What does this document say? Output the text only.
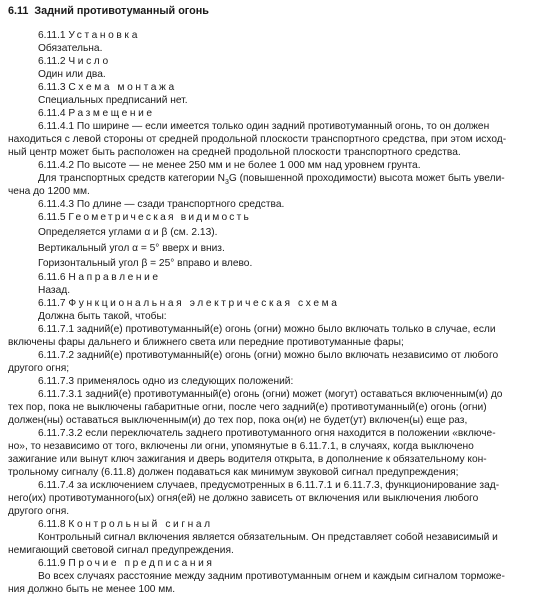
6.11 Задний противотуманный огонь
6.11.1 Установка
Обязательна.
6.11.2 Число
Один или два.
6.11.3 Схема монтажа
Специальных предписаний нет.
6.11.4 Размещение
6.11.4.1 По ширине — если имеется только один задний противотуманный огонь, то он должен
находиться с левой стороны от средней продольной плоскости транспортного средства, при этом исход-
ный центр может быть расположен на средней продольной плоскости транспортного средства.
6.11.4.2 По высоте — не менее 250 мм и не более 1 000 мм над уровнем грунта.
Для транспортных средств категории $N_3G$ (повышенной проходимости) высота может быть увели-
чена до 1200 мм.
6.11.4.3 По длине — сзади транспортного средства.
6.11.5 Геометрическая видимость
Определяется углами α и β (см. 2.13).
Вертикальный угол α = 5° вверх и вниз.
Горизонтальный угол β = 25° вправо и влево.
6.11.6 Направление
Назад.
6.11.7 Функциональная электрическая схема
Должна быть такой, чтобы:
6.11.7.1 задний(е) противотуманный(е) огонь (огни) можно было включать только в случае, если
включены фары дальнего и ближнего света или передние противотуманные фары;
6.11.7.2 задний(е) противотуманный(е) огонь (огни) можно было включать независимо от любого
другого огня;
6.11.7.3 применялось одно из следующих положений:
6.11.7.3.1 задний(е) противотуманный(е) огонь (огни) может (могут) оставаться включенным(и) до
тех пор, пока не выключены габаритные огни, после чего задний(е) противотуманный(е) огонь (огни)
должен(ны) оставаться выключенным(и) до тех пор, пока он(и) не будет(ут) включен(ы) еще раз,
6.11.7.3.2 если переключатель заднего противотуманного огня находится в положении «включе-
но», то независимо от того, включены ли огни, упомянутые в 6.11.7.1, в случаях, когда выключено
зажигание или вынут ключ зажигания и дверь водителя открыта, в дополнение к обязательному кон-
трольному сигналу (6.11.8) должен подаваться как минимум звуковой сигнал предупреждения;
6.11.7.4 за исключением случаев, предусмотренных в 6.11.7.1 и 6.11.7.3, функционирование зад-
него(их) противотуманного(ых) огня(ей) не должно зависеть от включения или выключения любого
другого огня.
6.11.8 Контрольный сигнал
Контрольный сигнал включения является обязательным. Он представляет собой независимый и
немигающий световой сигнал предупреждения.
6.11.9 Прочие предписания
Во всех случаях расстояние между задним противотуманным огнем и каждым сигналом торможе-
ния должно быть не менее 100 мм.
